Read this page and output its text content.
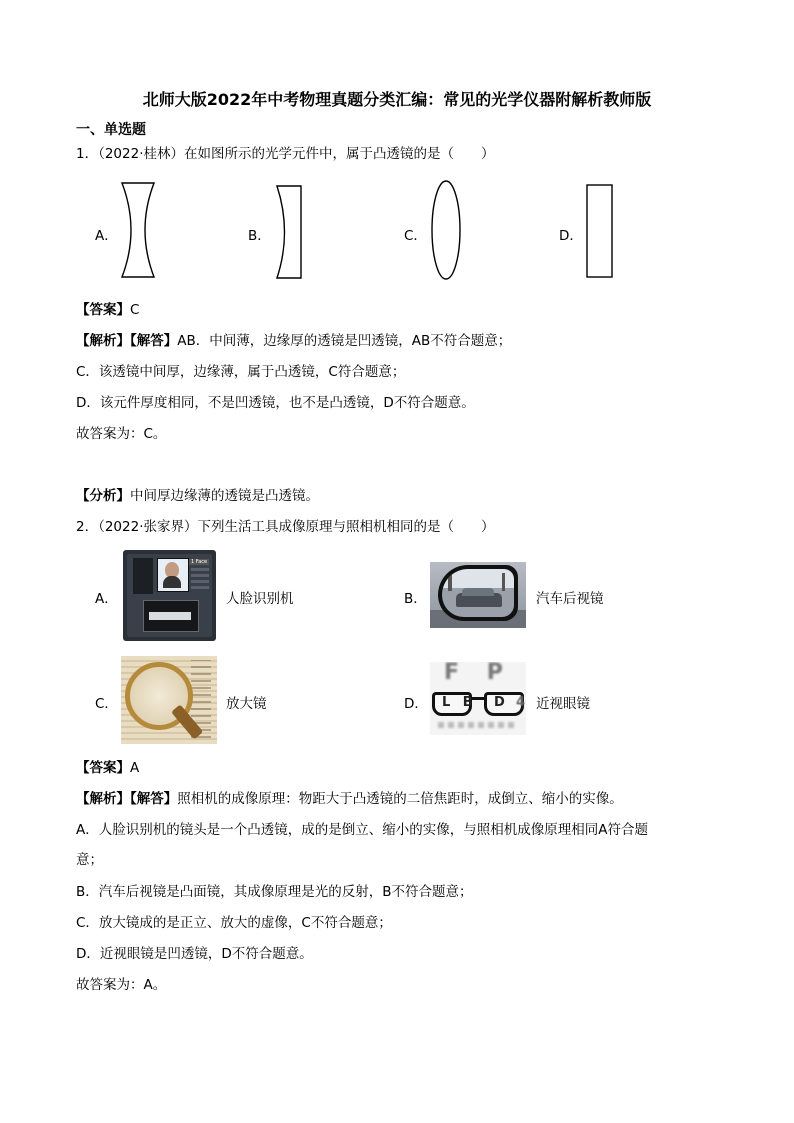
北师大版2022年中考物理真题分类汇编：常见的光学仪器附解析教师版
一、单选题
1．（2022·桂林）在如图所示的光学元件中，属于凸透镜的是（　　）
A．	B．	C．	D．
【答案】C
【解析】【解答】AB．中间薄，边缘厚的透镜是凹透镜，AB不符合题意；
C．该透镜中间厚，边缘薄，属于凸透镜，C符合题意；
D．该元件厚度相同，不是凹透镜，也不是凸透镜，D不符合题意。
故答案为：C。
【分析】中间厚边缘薄的透镜是凸透镜。
2．（2022·张家界）下列生活工具成像原理与照相机相同的是（　　）
A．
1 Face
人脸识别机	B．	汽车后视镜
C．	放大镜	D．
F P
L B D 4 近视眼镜
【答案】A
【解析】【解答】照相机的成像原理：物距大于凸透镜的二倍焦距时，成倒立、缩小的实像。
A．人脸识别机的镜头是一个凸透镜，成的是倒立、缩小的实像，与照相机成像原理相同A符合题
意；
B．汽车后视镜是凸面镜，其成像原理是光的反射，B不符合题意；
C．放大镜成的是正立、放大的虚像，C不符合题意；
D．近视眼镜是凹透镜，D不符合题意。
故答案为：A。
